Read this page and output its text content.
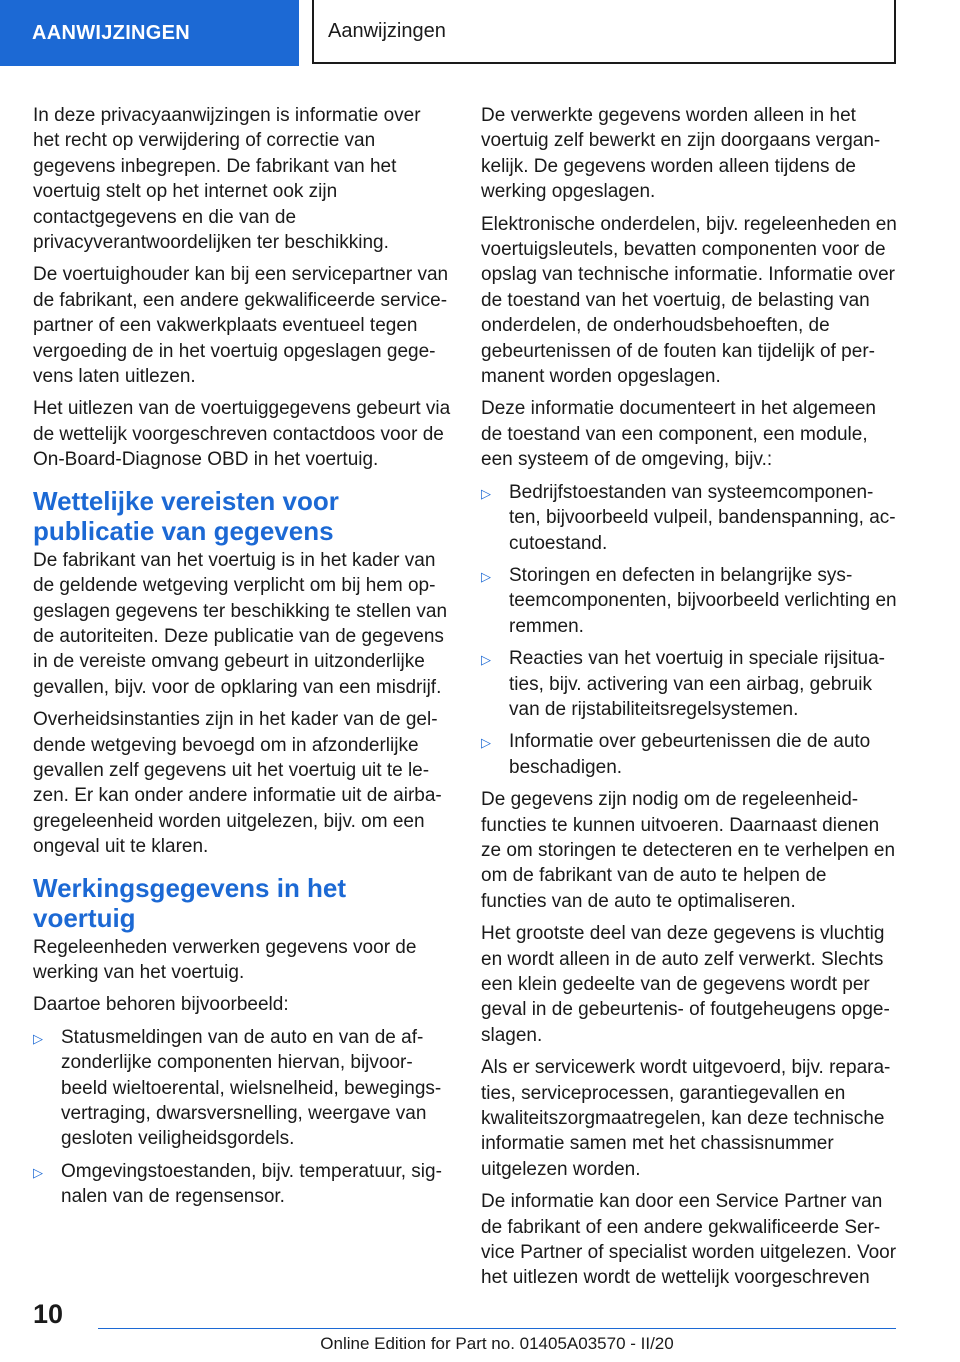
AANWIJZINGEN	Aanwijzingen

In deze privacyaanwijzingen is informatie over het recht op verwijdering of correctie van gegevens inbegrepen. De fabrikant van het voertuig stelt op het internet ook zijn contactgegevens en die van de privacyverantwoordelijken ter beschikking.

De voertuighouder kan bij een servicepartner van de fabrikant, een andere gekwalificeerde servicepartner of een vakwerkplaats eventueel tegen vergoeding de in het voertuig opgeslagen gegevens laten uitlezen.

Het uitlezen van de voertuiggegevens gebeurt via de wettelijk voorgeschreven contactdoos voor de On-Board-Diagnose OBD in het voertuig.

Wettelijke vereisten voor publicatie van gegevens

De fabrikant van het voertuig is in het kader van de geldende wetgeving verplicht om bij hem opgeslagen gegevens ter beschikking te stellen van de autoriteiten. Deze publicatie van de gegevens in de vereiste omvang gebeurt in uitzonderlijke gevallen, bijv. voor de opklaring van een misdrijf.

Overheidsinstanties zijn in het kader van de geldende wetgeving bevoegd om in afzonderlijke gevallen zelf gegevens uit het voertuig uit te lezen. Er kan onder andere informatie uit de airbagregeleenheid worden uitgelezen, bijv. om een ongeval uit te klaren.

Werkingsgegevens in het voertuig

Regeleenheden verwerken gegevens voor de werking van het voertuig.

Daartoe behoren bijvoorbeeld:

▷ Statusmeldingen van de auto en van de afzonderlijke componenten hiervan, bijvoorbeeld wieltoerental, wielsnelheid, bewegingsvertraging, dwarsversnelling, weergave van gesloten veiligheidsgordels.
▷ Omgevingstoestanden, bijv. temperatuur, signalen van de regensensor.

De verwerkte gegevens worden alleen in het voertuig zelf bewerkt en zijn doorgaans vergankelijk. De gegevens worden alleen tijdens de werking opgeslagen.

Elektronische onderdelen, bijv. regeleenheden en voertuigsleutels, bevatten componenten voor de opslag van technische informatie. Informatie over de toestand van het voertuig, de belasting van onderdelen, de onderhoudsbehoeften, de gebeurtenissen of de fouten kan tijdelijk of permanent worden opgeslagen.

Deze informatie documenteert in het algemeen de toestand van een component, een module, een systeem of de omgeving, bijv.:

▷ Bedrijfstoestanden van systeemcomponenten, bijvoorbeeld vulpeil, bandenspanning, accutoestand.
▷ Storingen en defecten in belangrijke systeemcomponenten, bijvoorbeeld verlichting en remmen.
▷ Reacties van het voertuig in speciale rijsituaties, bijv. activering van een airbag, gebruik van de rijstabiliteitsregelsystemen.
▷ Informatie over gebeurtenissen die de auto beschadigen.

De gegevens zijn nodig om de regeleenheidfuncties te kunnen uitvoeren. Daarnaast dienen ze om storingen te detecteren en te verhelpen en om de fabrikant van de auto te helpen de functies van de auto te optimaliseren.

Het grootste deel van deze gegevens is vluchtig en wordt alleen in de auto zelf verwerkt. Slechts een klein gedeelte van de gegevens wordt per geval in de gebeurtenis- of foutgeheugens opgeslagen.

Als er servicewerk wordt uitgevoerd, bijv. reparaties, serviceprocessen, garantiegevallen en kwaliteitszorgmaatregelen, kan deze technische informatie samen met het chassisnummer uitgelezen worden.

De informatie kan door een Service Partner van de fabrikant of een andere gekwalificeerde Service Partner of specialist worden uitgelezen. Voor het uitlezen wordt de wettelijk voorgeschreven

10
Online Edition for Part no. 01405A03570 - II/20
